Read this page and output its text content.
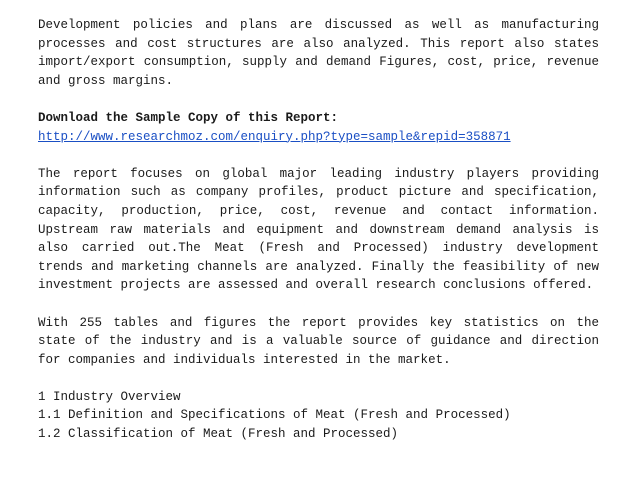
Development policies and plans are discussed as well as manufacturing processes and cost structures are also analyzed. This report also states import/export consumption, supply and demand Figures, cost, price, revenue and gross margins.

Download the Sample Copy of this Report:

http://www.researchmoz.com/enquiry.php?type=sample&repid=358871

The report focuses on global major leading industry players providing information such as company profiles, product picture and specification, capacity, production, price, cost, revenue and contact information. Upstream raw materials and equipment and downstream demand analysis is also carried out.The Meat (Fresh and Processed) industry development trends and marketing channels are analyzed. Finally the feasibility of new investment projects are assessed and overall research conclusions offered.

With 255 tables and figures the report provides key statistics on the state of the industry and is a valuable source of guidance and direction for companies and individuals interested in the market.

1 Industry Overview

1.1 Definition and Specifications of Meat (Fresh and Processed)

1.2 Classification of Meat (Fresh and Processed)
